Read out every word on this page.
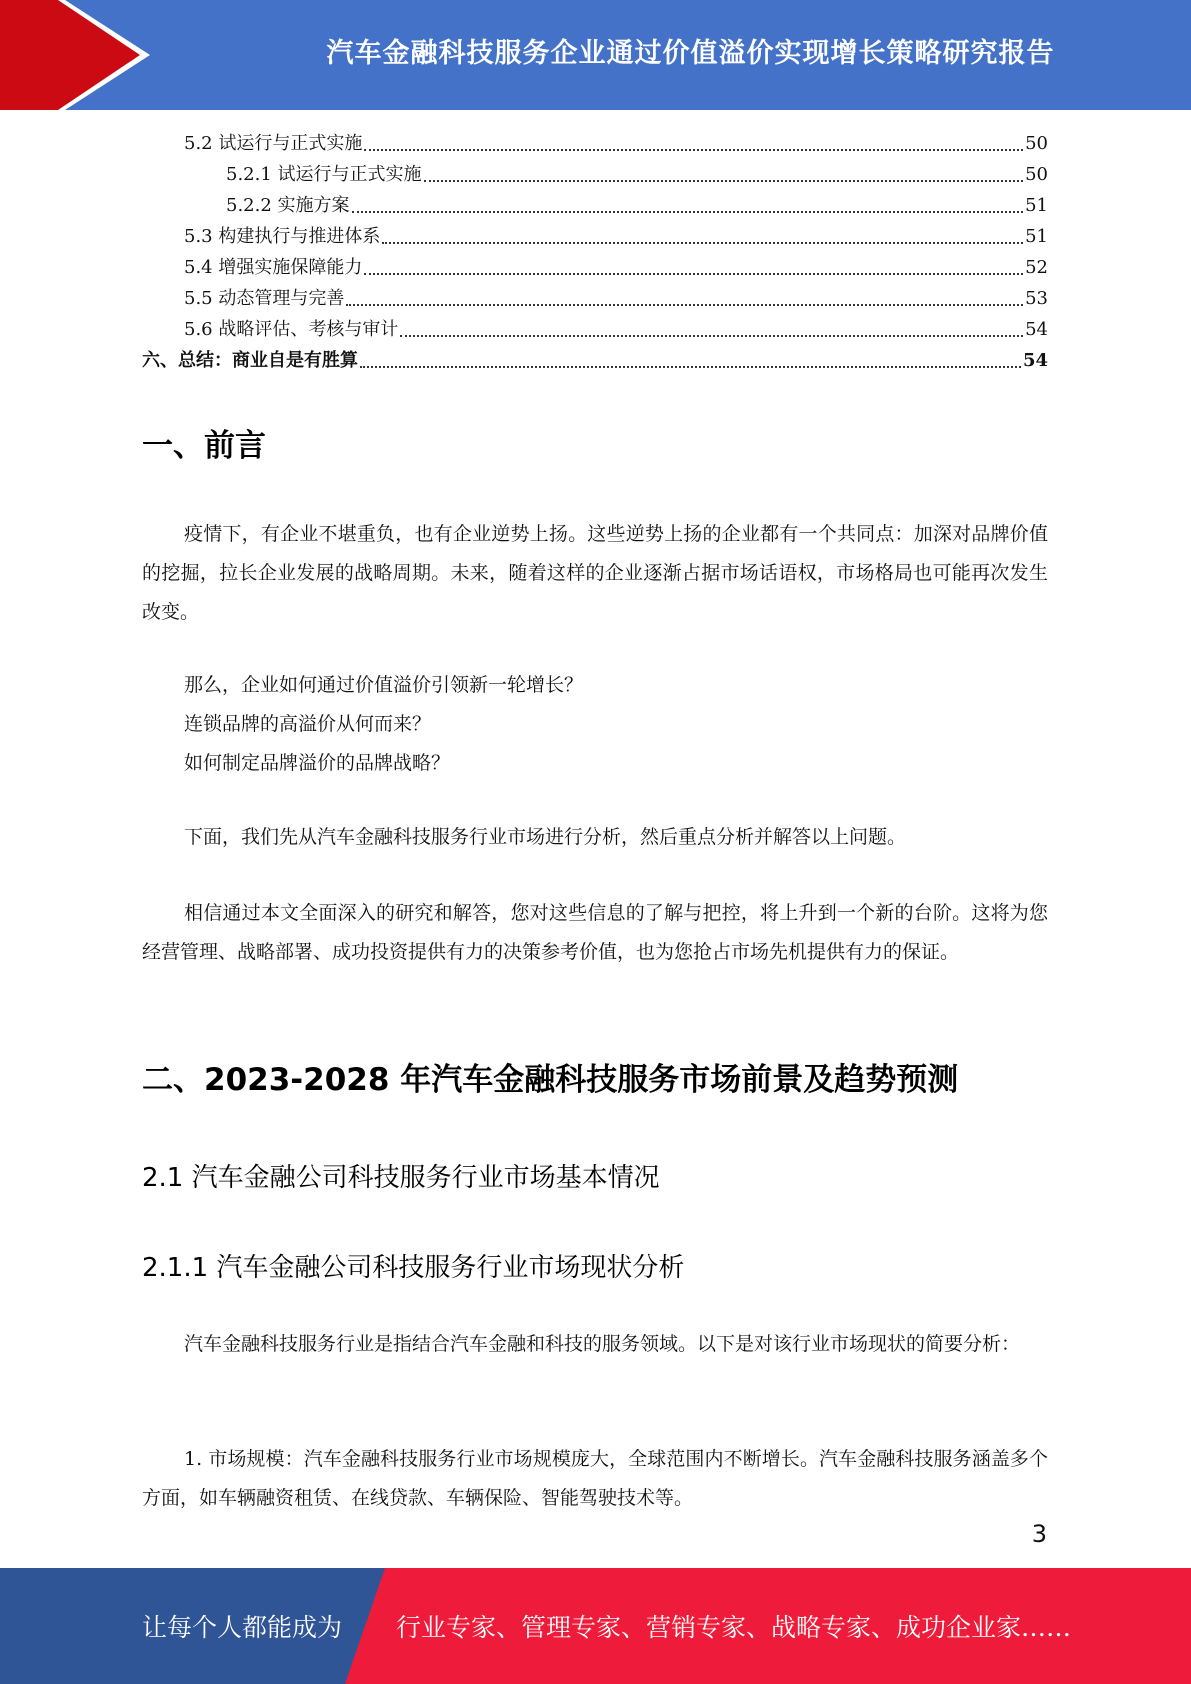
汽车金融科技服务企业通过价值溢价实现增长策略研究报告
5.2 试运行与正式实施	50
5.2.1 试运行与正式实施	50
5.2.2 实施方案	51
5.3 构建执行与推进体系	51
5.4 增强实施保障能力	52
5.5 动态管理与完善	53
5.6 战略评估、考核与审计	54
六、总结：商业自是有胜算	54
一、前言

疫情下，有企业不堪重负，也有企业逆势上扬。这些逆势上扬的企业都有一个共同点：加深对品牌价值的挖掘，拉长企业发展的战略周期。未来，随着这样的企业逐渐占据市场话语权，市场格局也可能再次发生改变。

那么，企业如何通过价值溢价引领新一轮增长？

连锁品牌的高溢价从何而来？

如何制定品牌溢价的品牌战略？

下面，我们先从汽车金融科技服务行业市场进行分析，然后重点分析并解答以上问题。

相信通过本文全面深入的研究和解答，您对这些信息的了解与把控，将上升到一个新的台阶。这将为您经营管理、战略部署、成功投资提供有力的决策参考价值，也为您抢占市场先机提供有力的保证。

二、2023-2028 年汽车金融科技服务市场前景及趋势预测
2.1 汽车金融公司科技服务行业市场基本情况
2.1.1 汽车金融公司科技服务行业市场现状分析

汽车金融科技服务行业是指结合汽车金融和科技的服务领域。以下是对该行业市场现状的简要分析：

1. 市场规模：汽车金融科技服务行业市场规模庞大，全球范围内不断增长。汽车金融科技服务涵盖多个方面，如车辆融资租赁、在线贷款、车辆保险、智能驾驶技术等。

3
让每个人都能成为 行业专家、管理专家、营销专家、战略专家、成功企业家……
